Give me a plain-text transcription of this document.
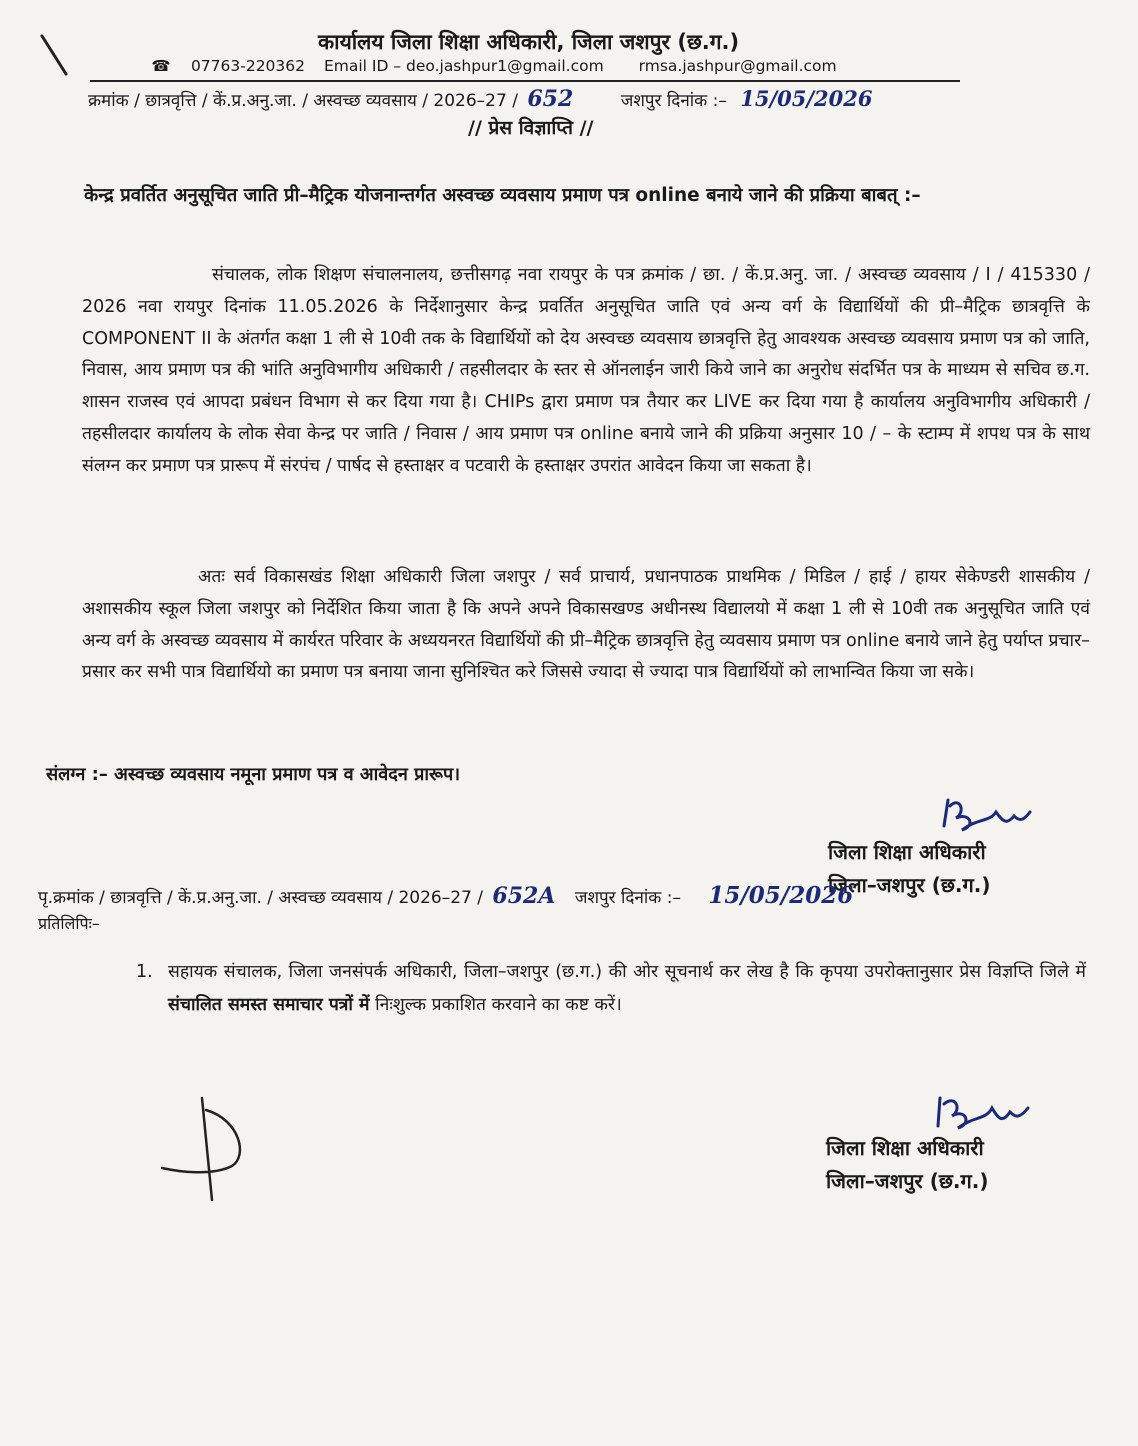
कार्यालय जिला शिक्षा अधिकारी, जिला जशपुर (छ.ग.)
☎ 07763-220362 Email ID – deo.jashpur1@gmail.com rmsa.jashpur@gmail.com
क्रमांक / छात्रवृत्ति / कें.प्र.अनु.जा. / अस्वच्छ व्यवसाय / 2026–27 / 652	जशपुर दिनांक :– 15/05/2026
// प्रेस विज्ञाप्ति //
केन्द्र प्रवर्तित अनुसूचित जाति प्री–मैट्रिक योजनान्तर्गत अस्वच्छ व्यवसाय प्रमाण पत्र online बनाये जाने की प्रक्रिया बाबत् :–
संचालक, लोक शिक्षण संचालनालय, छत्तीसगढ़ नवा रायपुर के पत्र क्रमांक / छा. / कें.प्र.अनु. जा. / अस्वच्छ व्यवसाय / I / 415330 / 2026 नवा रायपुर दिनांक 11.05.2026 के निर्देशानुसार केन्द्र प्रवर्तित अनुसूचित जाति एवं अन्य वर्ग के विद्यार्थियों की प्री–मैट्रिक छात्रवृत्ति के COMPONENT II के अंतर्गत कक्षा 1 ली से 10वी तक के विद्यार्थियों को देय अस्वच्छ व्यवसाय छात्रवृत्ति हेतु आवश्यक अस्वच्छ व्यवसाय प्रमाण पत्र को जाति, निवास, आय प्रमाण पत्र की भांति अनुविभागीय अधिकारी / तहसीलदार के स्तर से ऑनलाईन जारी किये जाने का अनुरोध संदर्भित पत्र के माध्यम से सचिव छ.ग. शासन राजस्व एवं आपदा प्रबंधन विभाग से कर दिया गया है। CHIPs द्वारा प्रमाण पत्र तैयार कर LIVE कर दिया गया है कार्यालय अनुविभागीय अधिकारी / तहसीलदार कार्यालय के लोक सेवा केन्द्र पर जाति / निवास / आय प्रमाण पत्र online बनाये जाने की प्रक्रिया अनुसार 10 / – के स्टाम्प में शपथ पत्र के साथ संलग्न कर प्रमाण पत्र प्रारूप में संरपंच / पार्षद से हस्ताक्षर व पटवारी के हस्ताक्षर उपरांत आवेदन किया जा सकता है।
अतः सर्व विकासखंड शिक्षा अधिकारी जिला जशपुर / सर्व प्राचार्य, प्रधानपाठक प्राथमिक / मिडिल / हाई / हायर सेकेण्डरी शासकीय / अशासकीय स्कूल जिला जशपुर को निर्देशित किया जाता है कि अपने अपने विकासखण्ड अधीनस्थ विद्यालयो में कक्षा 1 ली से 10वी तक अनुसूचित जाति एवं अन्य वर्ग के अस्वच्छ व्यवसाय में कार्यरत परिवार के अध्ययनरत विद्यार्थियों की प्री–मैट्रिक छात्रवृत्ति हेतु व्यवसाय प्रमाण पत्र online बनाये जाने हेतु पर्याप्त प्रचार–प्रसार कर सभी पात्र विद्यार्थियो का प्रमाण पत्र बनाया जाना सुनिश्चित करे जिससे ज्यादा से ज्यादा पात्र विद्यार्थियों को लाभान्वित किया जा सके।
संलग्न :– अस्वच्छ व्यवसाय नमूना प्रमाण पत्र व आवेदन प्रारूप।
जिला शिक्षा अधिकारी
जिला–जशपुर (छ.ग.)
पृ.क्रमांक / छात्रवृत्ति / कें.प्र.अनु.जा. / अस्वच्छ व्यवसाय / 2026–27 / 652A जशपुर दिनांक :– 15/05/2026
प्रतिलिपिः–
1. सहायक संचालक, जिला जनसंपर्क अधिकारी, जिला–जशपुर (छ.ग.) की ओर सूचनार्थ कर लेख है कि कृपया उपरोक्तानुसार प्रेस विज्ञप्ति जिले में संचालित समस्त समाचार पत्रों में निःशुल्क प्रकाशित करवाने का कष्ट करें।
जिला शिक्षा अधिकारी
जिला–जशपुर (छ.ग.)
